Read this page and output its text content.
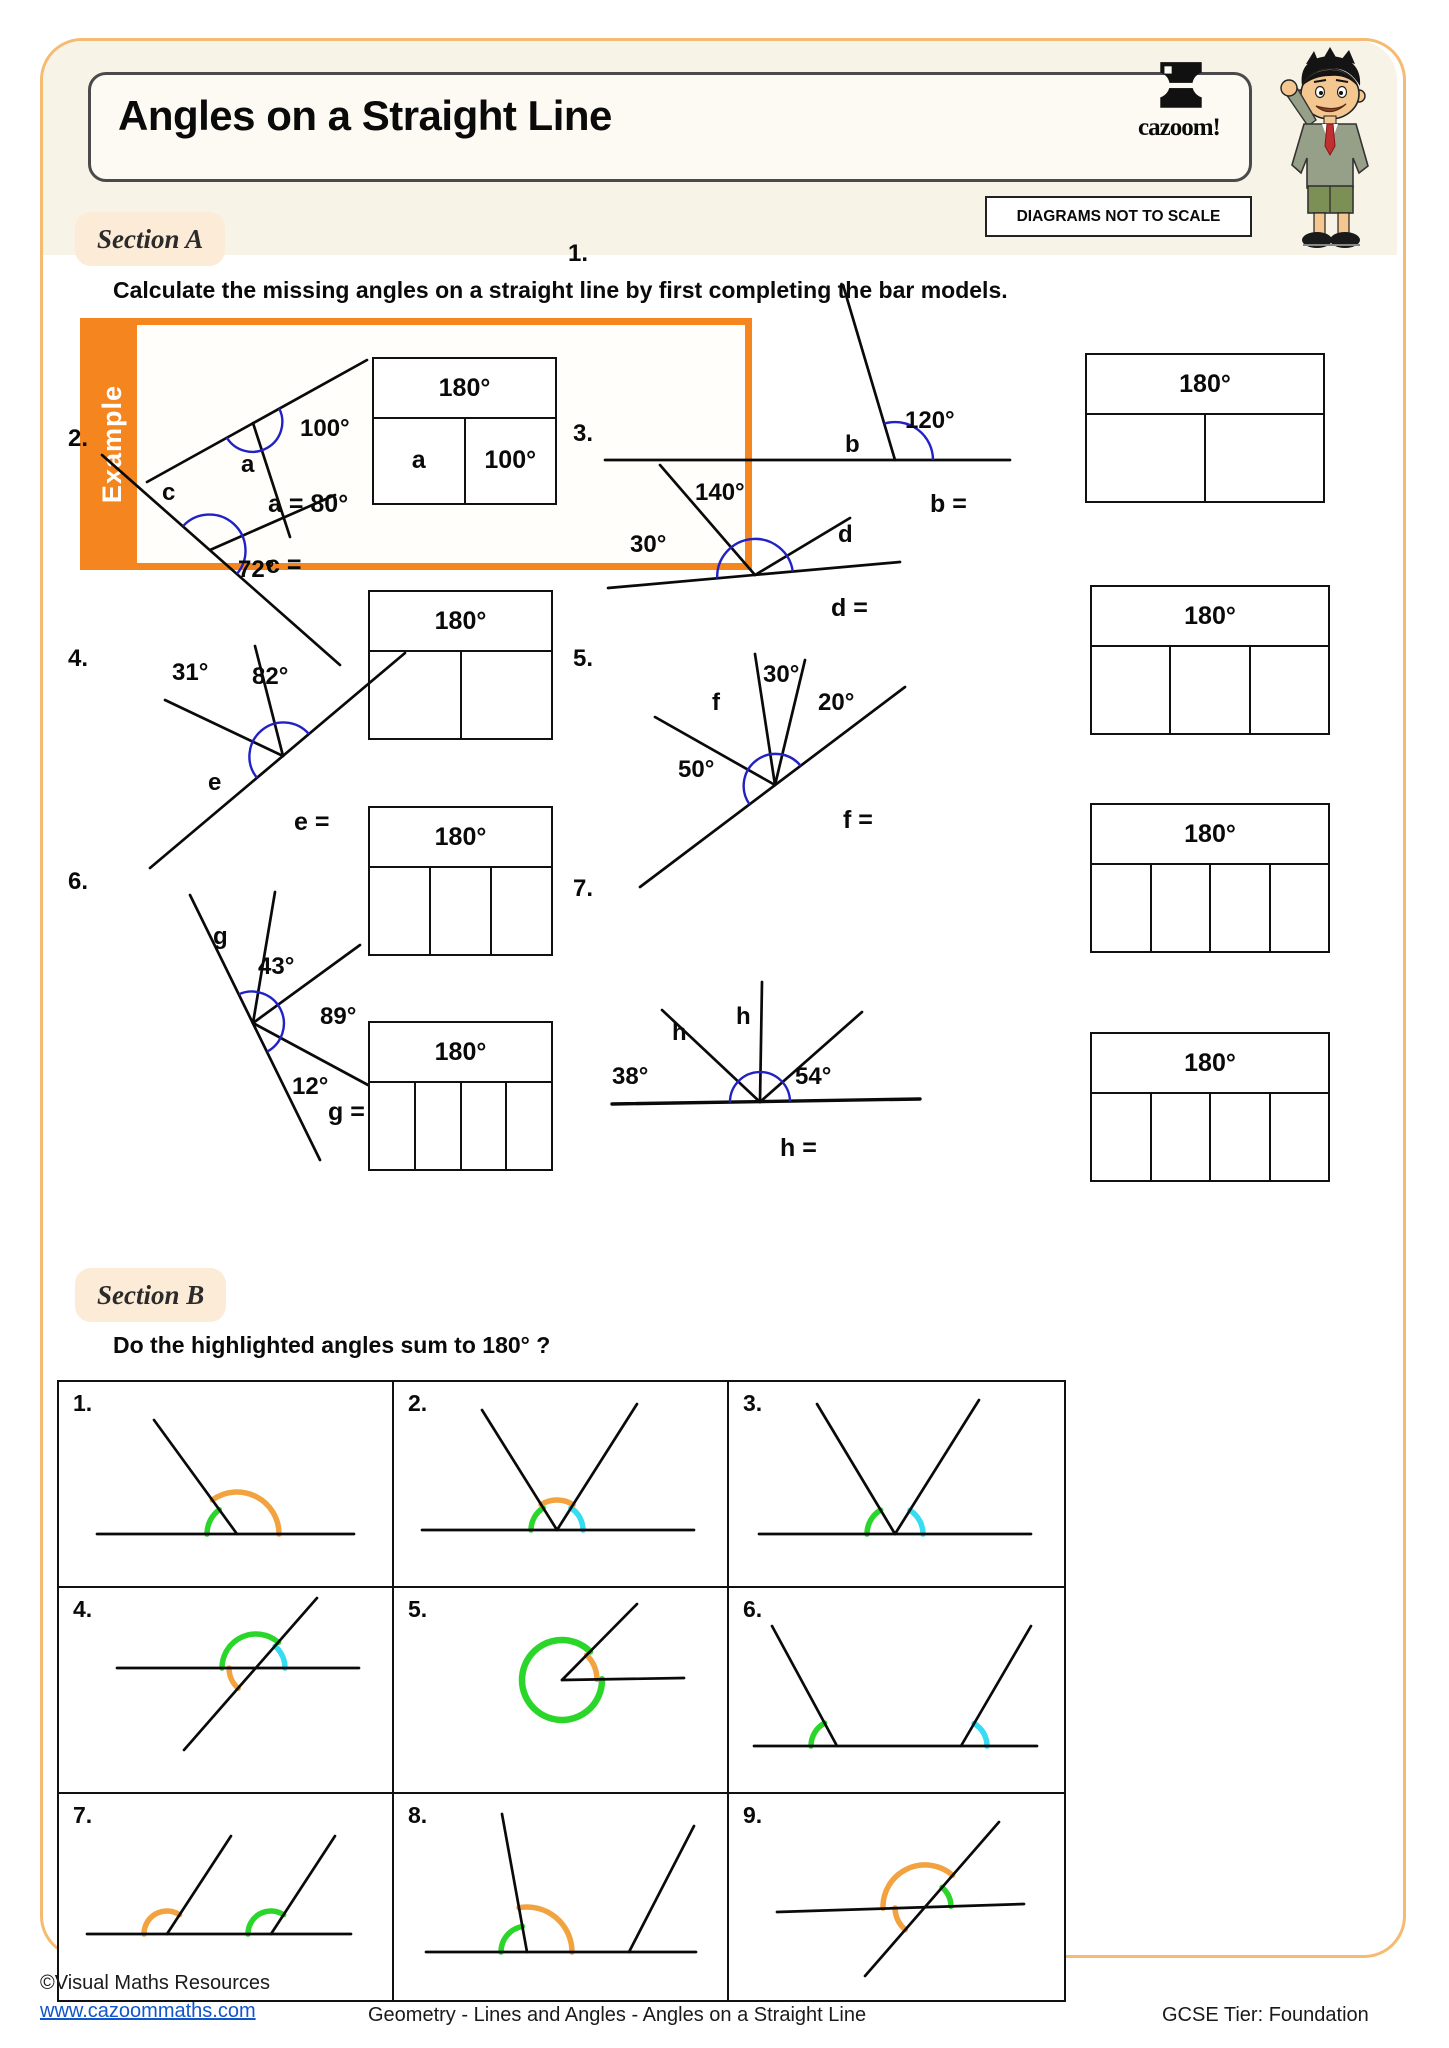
Angles on a Straight Line	cazoom!
DIAGRAMS NOT TO SCALE
Section A
Calculate the missing angles on a straight line by first completing the bar models.
Example	100°
a
a = 80°
180°
a	100°
1.
b
120°
b =
180°
2.
c
72°
c =
180°
3.
30°
140°
d
d =	180°
4.
31° 82°
e
e =
180°
5.
f
30°
20°
50°
f =	180°
6.
g
43°
89°
12°
g =
180°
7.
38°
h
h
54°
h =
180°
Section B
Do the highlighted angles sum to 180° ?
1.	2.	3.
4.	5.	6.
7.	8.	9.
©Visual Maths Resources
www.cazoommaths.com	Geometry - Lines and Angles - Angles on a Straight Line	GCSE Tier: Foundation
